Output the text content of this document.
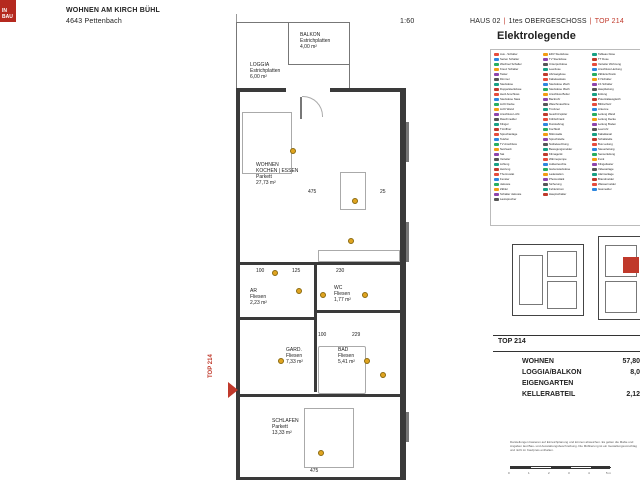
IN BAU
WOHNEN AM KIRCH BÜHL
4643 Pettenbach	1:60	HAUS 02 | 1tes OBERGESCHOSS | TOP 214
BALKON
Estrichplatten
4,00 m²
LOGGIA
Estrichplatten
6,00 m²
WOHNEN
KOCHEN | ESSEN
Parkett
27,73 m²
AR
Fliesen
2,23 m²
WC
Fliesen
1,77 m²
GARD.
Fliesen
7,33 m²
BAD
Fliesen
5,41 m²
SCHLAFEN
Parkett
13,33 m²
475	25
100	125	230
100	229
475
TOP 214
Elektrolegende
Aus - Schalter
Serien Schalter
Wechsel Schalter
Kreuz Schalter
Taster
Dimmer
Steckdose
Doppelsteckdose
Herd Anschluss
Steckdose Nass
Licht Decke
Licht Wand
Anschluss Licht
Rauchmelder
Klingel
Türöffner
Sprechanlage
Telefon
TV Anschluss
Netzwerk
Sat
Verteiler
Lüftung
Heizung
Thermostat
Fenster
Jalousie
Zähler
Schalter Jalousie
Lautsprecher
EDV Steckdose
TV Steckdose
Unterputzdose
Leerdose
Abzweigdose
Kabelauslass
Steckdose 2fach
Steckdose 3fach
Anschluss Boiler
Backrohr
Waschmaschine
Trockner
Geschirrspüler
Kühlschrank
Dunstabzug
Kochfeld
Mikrowelle
Sprechstelle
Notbeleuchtung
Bewegungsmelder
Klimagerät
Wärmepumpe
Außenleuchte
Gartensteckdose
Ladestation
Photovoltaik
Sicherung
Fehlerstrom
Hauptschalter
Tableau Dose
TT Dose
Verteiler Wohnung
Anschluss Heizung
Zählerschrank
FI Schalter
LS Schalter
Hauptleitung
Erdung
Potentialausgleich
Blitzschutz
Antenne
Leitung Wand
Leitung Decke
Leitung Boden
Leerrohr
Kabelkanal
Schaltstelle
Bus Leitung
Steuerleitung
Sensorleitung
Funk
Klingeltaster
Videoanlage
Alarmanlage
Brandmelder
Wassermelder
Gasmelder
TOP 214
WOHNEN	57,80
LOGGIA/BALKON	8,0
EIGENGARTEN
KELLERABTEIL	2,12
Darstellungen basieren auf Einreichplanung und können abweichen. Es gelten die Maße und Angaben laut Bau- und Ausstattungsbeschreibung. Die Möblierung ist ein Gestaltungsvorschlag und nicht im Kaufpreis enthalten.
0	1	2	3	4	5 m
